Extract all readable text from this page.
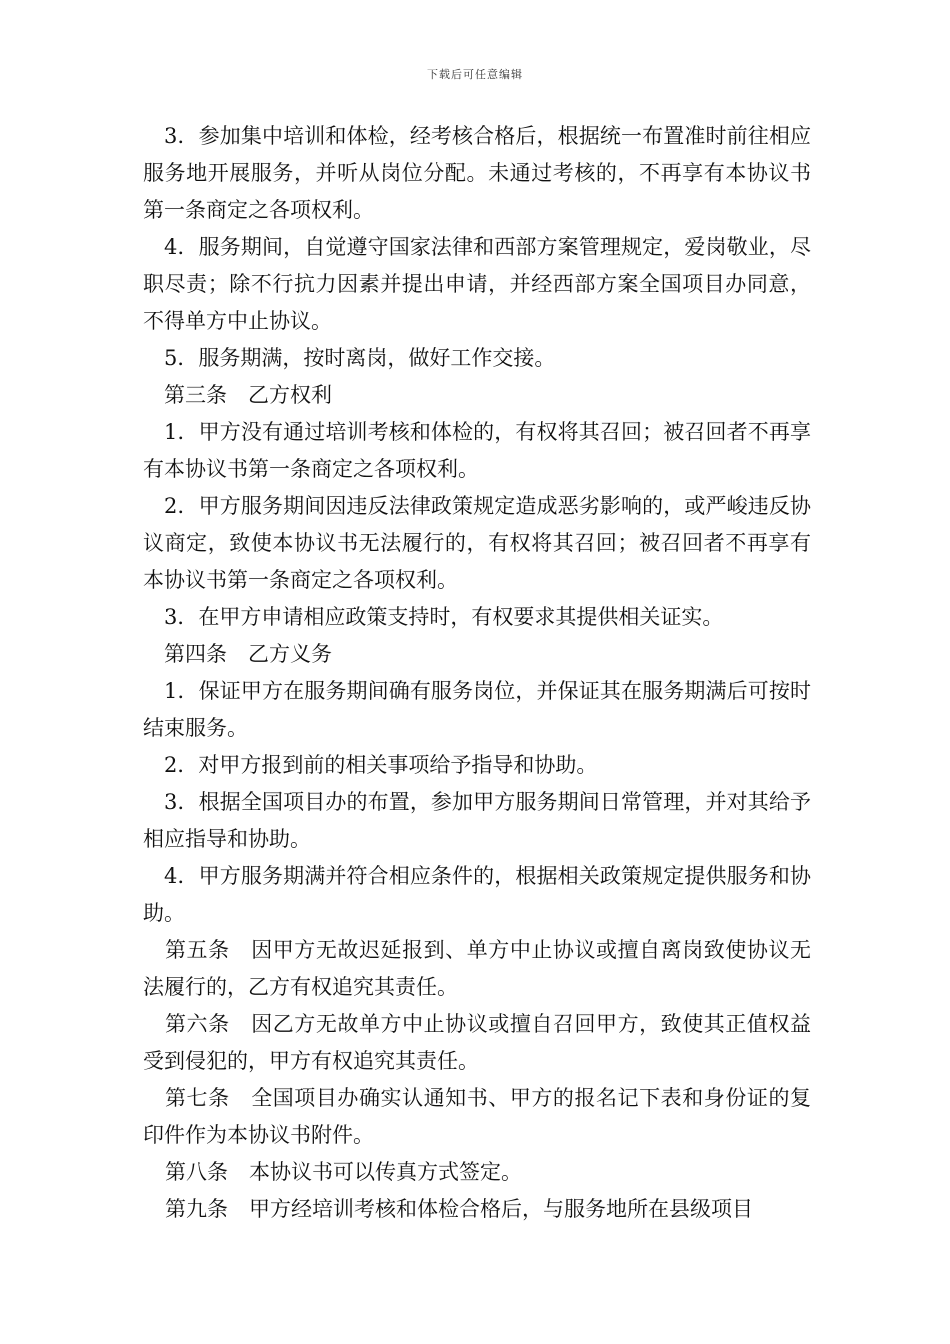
下载后可任意编辑

3．参加集中培训和体检，经考核合格后，根据统一布置准时前往相应服务地开展服务，并听从岗位分配。未通过考核的，不再享有本协议书第一条商定之各项权利。

4．服务期间，自觉遵守国家法律和西部方案管理规定，爱岗敬业，尽职尽责；除不行抗力因素并提出申请，并经西部方案全国项目办同意，不得单方中止协议。

5．服务期满，按时离岗，做好工作交接。

第三条　乙方权利

1．甲方没有通过培训考核和体检的，有权将其召回；被召回者不再享有本协议书第一条商定之各项权利。

2．甲方服务期间因违反法律政策规定造成恶劣影响的，或严峻违反协议商定，致使本协议书无法履行的，有权将其召回；被召回者不再享有本协议书第一条商定之各项权利。

3．在甲方申请相应政策支持时，有权要求其提供相关证实。

第四条　乙方义务

1．保证甲方在服务期间确有服务岗位，并保证其在服务期满后可按时结束服务。

2．对甲方报到前的相关事项给予指导和协助。

3．根据全国项目办的布置，参加甲方服务期间日常管理，并对其给予相应指导和协助。

4．甲方服务期满并符合相应条件的，根据相关政策规定提供服务和协助。

第五条　因甲方无故迟延报到、单方中止协议或擅自离岗致使协议无法履行的，乙方有权追究其责任。

第六条　因乙方无故单方中止协议或擅自召回甲方，致使其正值权益受到侵犯的，甲方有权追究其责任。

第七条　全国项目办确实认通知书、甲方的报名记下表和身份证的复印件作为本协议书附件。

第八条　本协议书可以传真方式签定。

第九条　甲方经培训考核和体检合格后，与服务地所在县级项目
